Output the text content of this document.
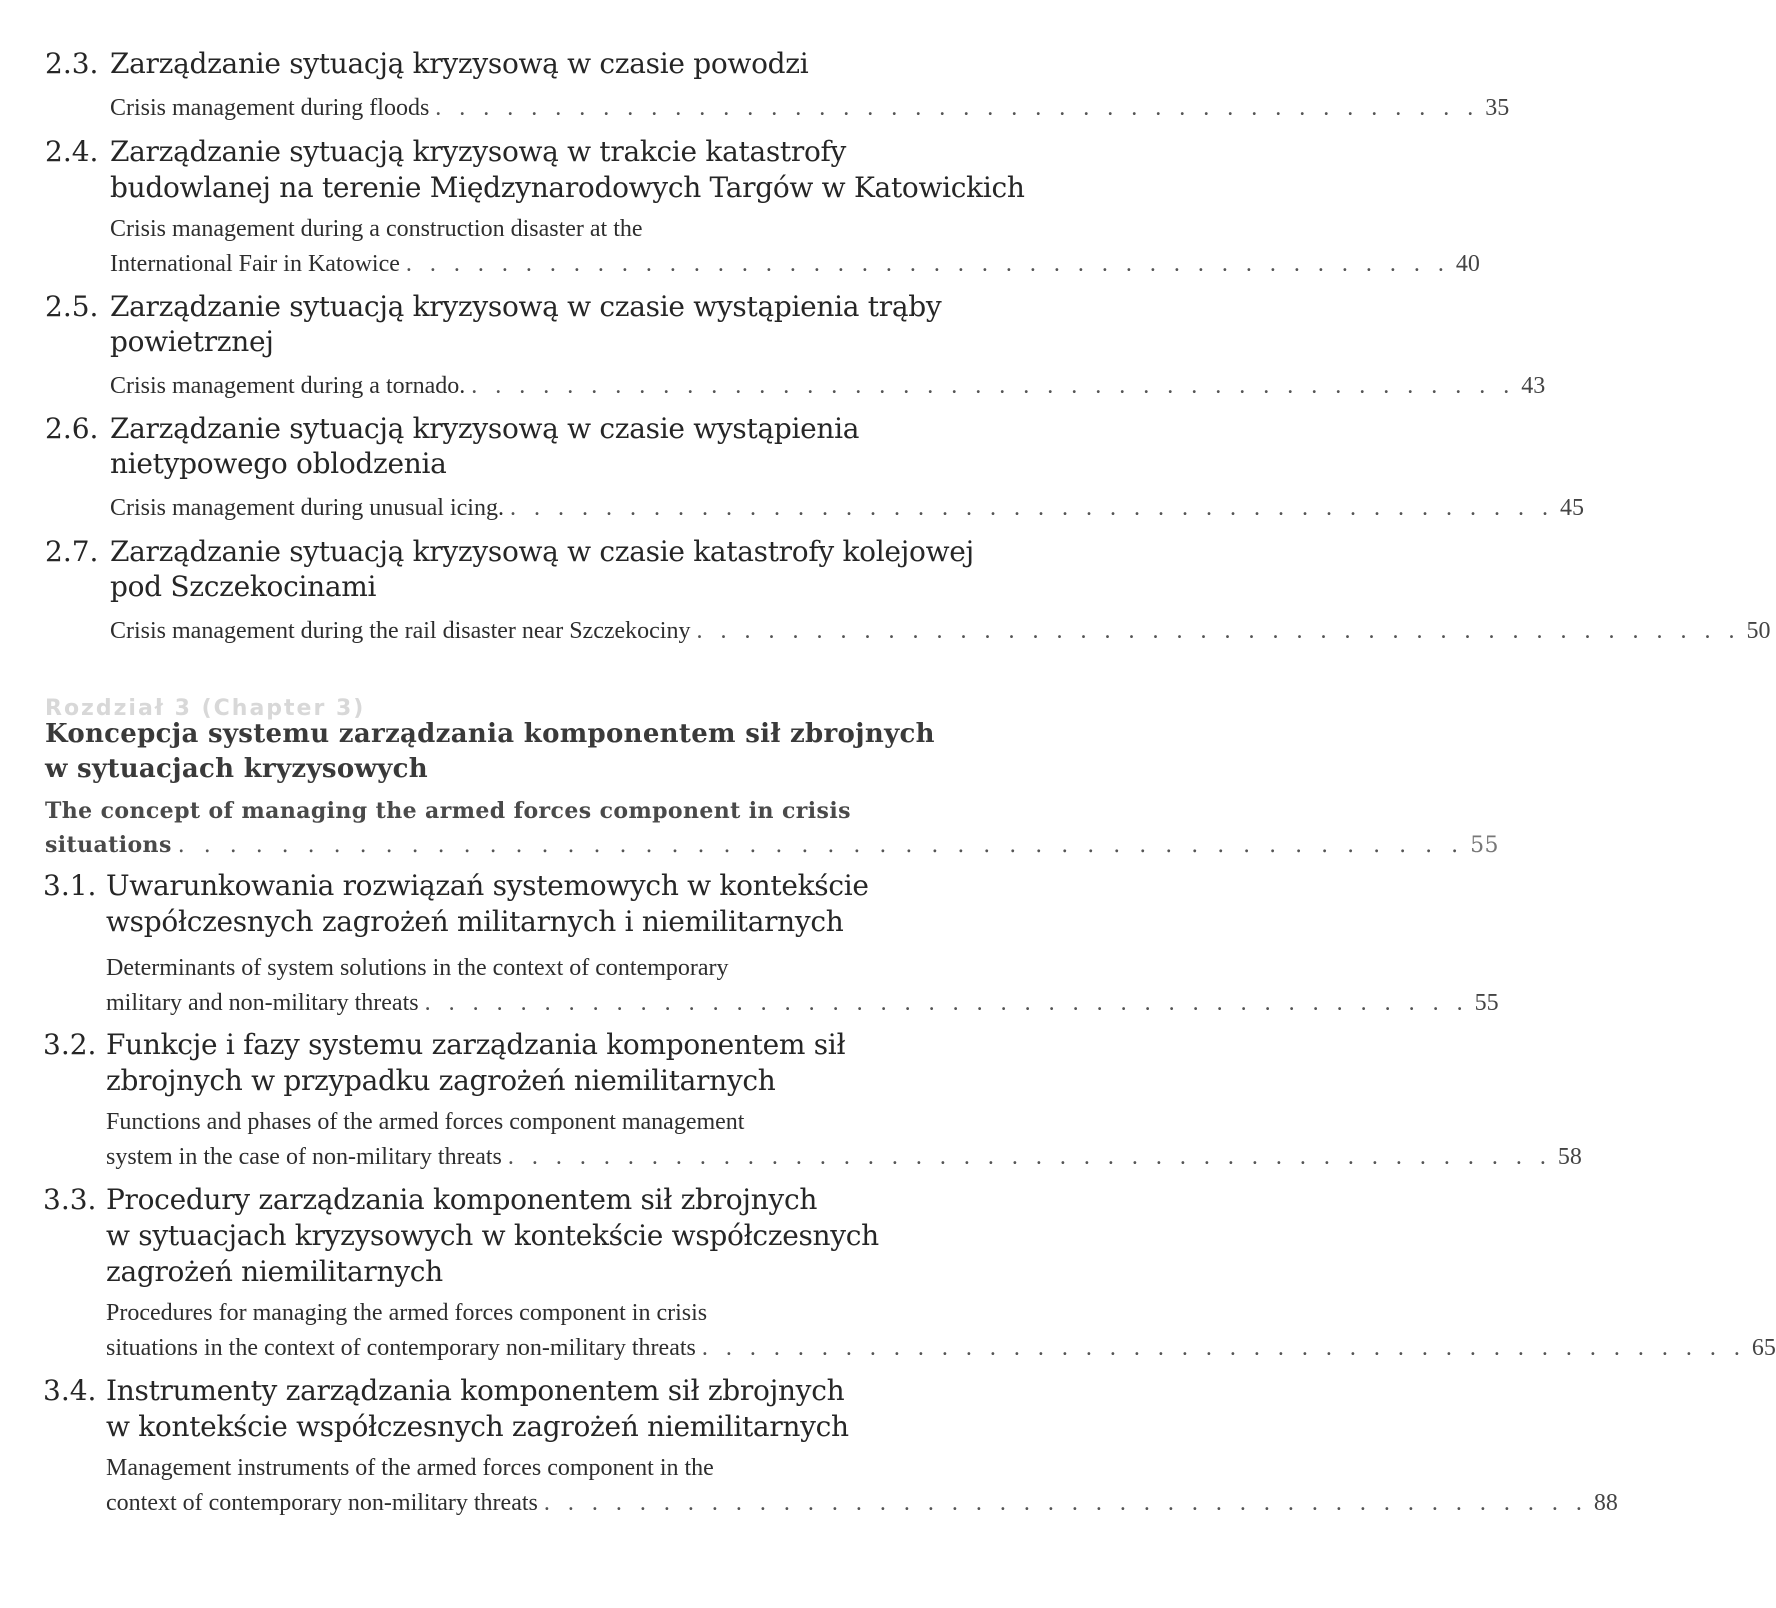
2.3. Zarządzanie sytuacją kryzysową w czasie powodzi
Crisis management during floods . . . . . . . . . . . . . . . . . . . . . . . . . . . . . . . . . . . . . . . . . . . . 35
2.4. Zarządzanie sytuacją kryzysową w trakcie katastrofy
budowlanej na terenie Międzynarodowych Targów w Katowickich
Crisis management during a construction disaster at the
International Fair in Katowice . . . . . . . . . . . . . . . . . . . . . . . . . . . . . . . . . . . . . . . . . . . . 40
2.5. Zarządzanie sytuacją kryzysową w czasie wystąpienia trąby
powietrznej
Crisis management during a tornado. . . . . . . . . . . . . . . . . . . . . . . . . . . . . . . . . . . . . . . . . . . . . 43
2.6. Zarządzanie sytuacją kryzysową w czasie wystąpienia
nietypowego oblodzenia
Crisis management during unusual icing. . . . . . . . . . . . . . . . . . . . . . . . . . . . . . . . . . . . . . . . . . . . . 45
2.7. Zarządzanie sytuacją kryzysową w czasie katastrofy kolejowej
pod Szczekocinami
Crisis management during the rail disaster near Szczekociny . . . . . . . . . . . . . . . . . . . . . . . . . . . . . . . . . . . . . . . . . . . . 50
Rozdział 3 (Chapter 3)
Koncepcja systemu zarządzania komponentem sił zbrojnych
w sytuacjach kryzysowych
The concept of managing the armed forces component in crisis
situations . . . . . . . . . . . . . . . . . . . . . . . . . . . . . . . . . . . . . . . . . . . . . . . . . . 55
3.1. Uwarunkowania rozwiązań systemowych w kontekście
współczesnych zagrożeń militarnych i niemilitarnych
Determinants of system solutions in the context of contemporary
military and non-military threats . . . . . . . . . . . . . . . . . . . . . . . . . . . . . . . . . . . . . . . . . . . . 55
3.2. Funkcje i fazy systemu zarządzania komponentem sił
zbrojnych w przypadku zagrożeń niemilitarnych
Functions and phases of the armed forces component management
system in the case of non-military threats . . . . . . . . . . . . . . . . . . . . . . . . . . . . . . . . . . . . . . . . . . . . 58
3.3. Procedury zarządzania komponentem sił zbrojnych
w sytuacjach kryzysowych w kontekście współczesnych
zagrożeń niemilitarnych
Procedures for managing the armed forces component in crisis
situations in the context of contemporary non-military threats . . . . . . . . . . . . . . . . . . . . . . . . . . . . . . . . . . . . . . . . . . . . 65
3.4. Instrumenty zarządzania komponentem sił zbrojnych
w kontekście współczesnych zagrożeń niemilitarnych
Management instruments of the armed forces component in the
context of contemporary non-military threats . . . . . . . . . . . . . . . . . . . . . . . . . . . . . . . . . . . . . . . . . . . . 88
